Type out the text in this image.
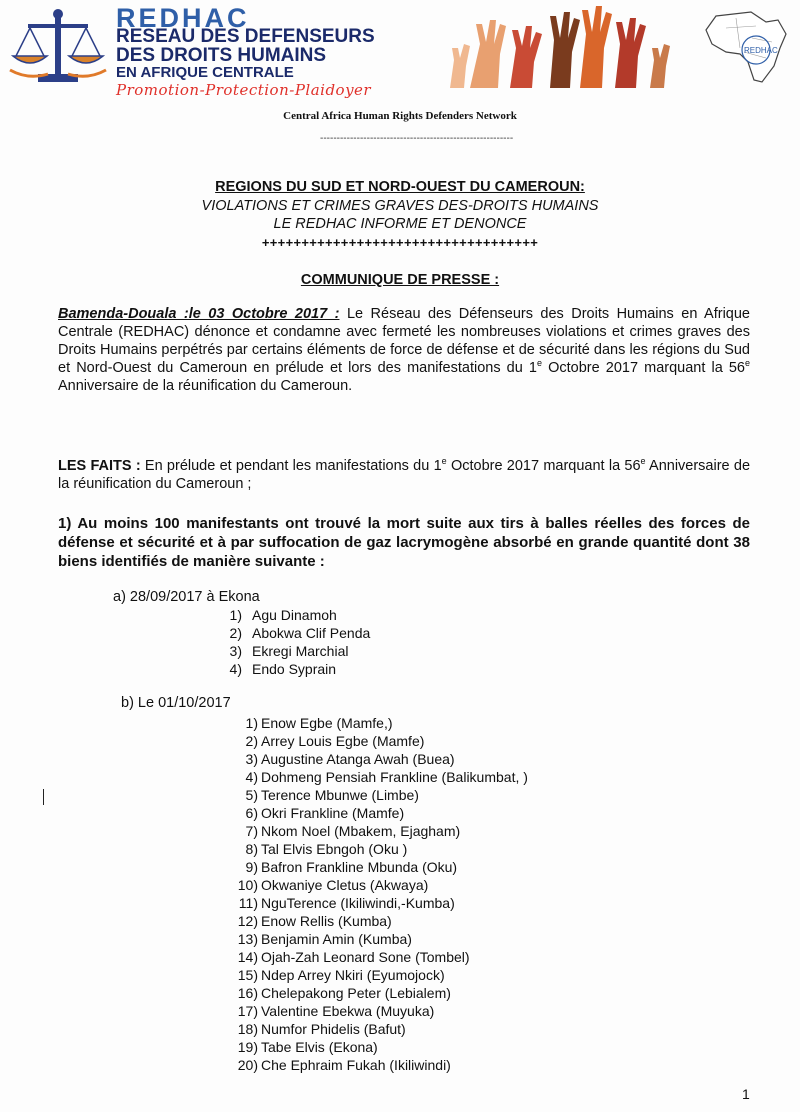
REDHAC
RESEAU DES DEFENSEURS
DES DROITS HUMAINS
EN AFRIQUE CENTRALE
Promotion-Protection-Plaidoyer
REDHAC
Central Africa Human Rights Defenders Network
----------------------------------------------------------
REGIONS DU SUD ET NORD-OUEST DU CAMEROUN:
VIOLATIONS ET CRIMES GRAVES DES-DROITS HUMAINS
LE REDHAC INFORME ET DENONCE
+++++++++++++++++++++++++++++++++++
COMMUNIQUE DE PRESSE :
Bamenda-Douala :le 03 Octobre 2017 : Le Réseau des Défenseurs des Droits Humains en Afrique Centrale (REDHAC) dénonce et condamne avec fermeté les nombreuses violations et crimes graves des Droits Humains perpétrés par certains éléments de force de défense et de sécurité dans les régions du Sud et Nord-Ouest du Cameroun en prélude et lors des manifestations du 1e Octobre 2017 marquant la 56e Anniversaire de la réunification du Cameroun.
LES FAITS : En prélude et pendant les manifestations du 1e Octobre 2017 marquant la 56e Anniversaire de la réunification du Cameroun ;
1) Au moins 100 manifestants ont trouvé la mort suite aux tirs à balles réelles des forces de défense et sécurité et à par suffocation de gaz lacrymogène absorbé en grande quantité dont 38 biens identifiés de manière suivante :
a) 28/09/2017 à Ekona
1) Agu Dinamoh
2) Abokwa Clif Penda
3) Ekregi Marchial
4) Endo Syprain
b) Le 01/10/2017
1) Enow Egbe (Mamfe,)
2) Arrey Louis Egbe (Mamfe)
3) Augustine Atanga Awah (Buea)
4) Dohmeng Pensiah Frankline (Balikumbat, )
5) Terence Mbunwe (Limbe)
6) Okri Frankline (Mamfe)
7) Nkom Noel (Mbakem, Ejagham)
8) Tal Elvis Ebngoh (Oku )
9) Bafron Frankline Mbunda (Oku)
10) Okwaniye Cletus (Akwaya)
11) NguTerence (Ikiliwindi,-Kumba)
12) Enow Rellis (Kumba)
13) Benjamin Amin (Kumba)
14) Ojah-Zah Leonard Sone (Tombel)
15) Ndep Arrey Nkiri (Eyumojock)
16) Chelepakong Peter (Lebialem)
17) Valentine Ebekwa (Muyuka)
18) Numfor Phidelis (Bafut)
19) Tabe Elvis (Ekona)
20) Che Ephraim Fukah (Ikiliwindi)
1
